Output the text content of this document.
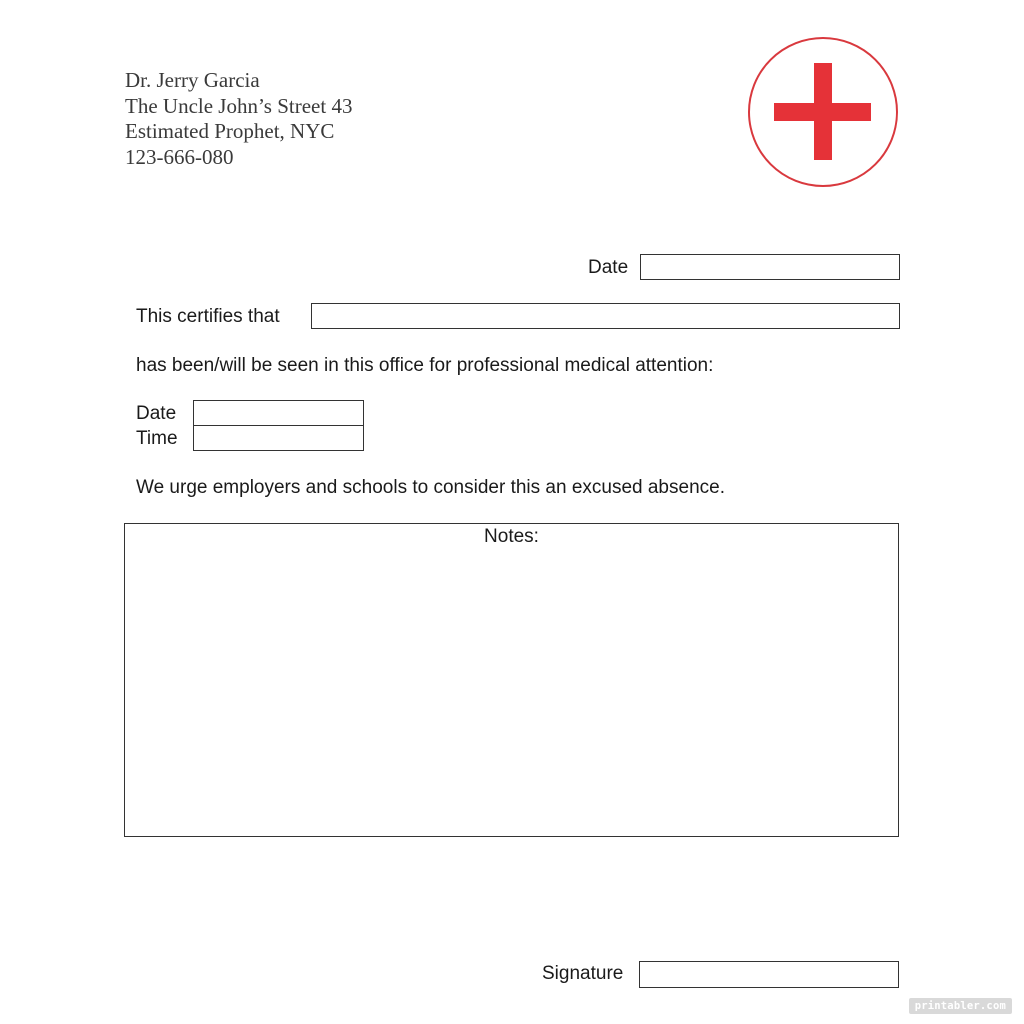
Dr. Jerry Garcia
The Uncle John’s Street 43
Estimated Prophet, NYC
123-666-080
Date
This certifies that
has been/will be seen in this office for professional medical attention:
Date
Time
We urge employers and schools to consider this an excused absence.
Notes:
Signature
printabler.com
